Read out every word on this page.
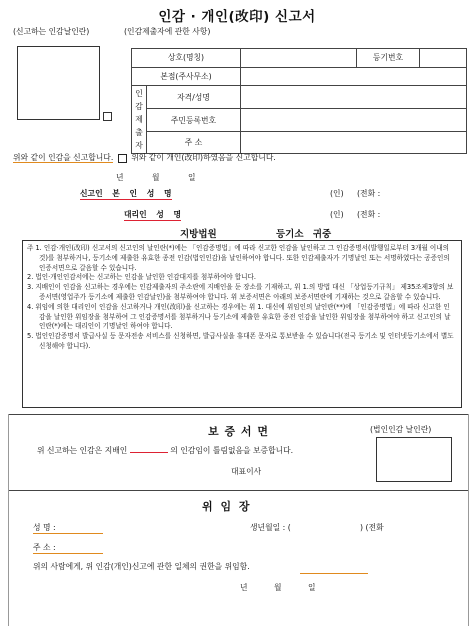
인감 · 개인(改印) 신고서
(신고하는 인감날인란)	(인감제출자에 관한 사항)
상호(명칭)			등기번호	
본점(주사무소)				
인
감
제
출
자	자격/성명			
	주민등록번호			
	주 소			
위와 같이 인감을 신고합니다. 위와 같이 개인(改印)하였음을 신고합니다.
년 월 일
신고인 본 인 성 명	(인) (전화 :
대리인 성 명	(인) (전화 :
지방법원	등기소 귀중

주 1. 인감·개인(改印) 신고서의 신고인의 날인란(*)에는 「인감증명법」에 따라 신고한 인감을 날인하고 그 인감증명서(발행일로부터 3개월 이내의 것)를 첨부하거나, 등기소에 제출한 유효한 종전 인감(법인인감)을 날인하여야 합니다. 또한 인감제출자가 기명날인 또는 서명하였다는 공증인의 인증서면으로 갈음할 수 있습니다.

2. 법인·개인인감서에는 신고하는 인감을 날인한 인감대지를 첨부하여야 합니다.

3. 지배인이 인감을 신고하는 경우에는 인감제출자의 주소란에 지배인을 둔 장소를 기재하고, 위 1.의 방법 대신 「상업등기규칙」 제35조제3항의 보증서면(영업주가 등기소에 제출한 인감날인)을 첨부하여야 합니다. 위 보증서면은 아래의 보증서면란에 기재하는 것으로 갈음할 수 있습니다.

4. 위임에 의한 대리인이 인감을 신고하거나 개인(改印)을 신고하는 경우에는 위 1. 대신에 위임인의 날인란(**)에 「인감증명법」에 따라 신고한 인감을 날인한 위임장을 첨부하여 그 인감증명서를 첨부하거나 등기소에 제출한 유효한 종전 인감을 날인한 위임장을 첨부하여야 하고 신고인의 날인란(*)에는 대리인이 기명날인 하여야 합니다.

5. 법인인감증명서 발급사실 등 문자전송 서비스를 신청하면, 발급사실을 휴대폰 문자로 통보받을 수 있습니다(전국 등기소 및 인터넷등기소에서 별도 신청해야 합니다).

보 증 서 면	(법인인감 날인란)
위 신고하는 인감은 지배인	의 인감임이 틀림없음을 보증합니다.
대표이사
위 임 장
성 명 :	생년월일 : (	) (전화
주 소 :
위의 사람에게, 위 인감(개인)신고에 관한 일체의 권한을 위임함.
년 월 일
